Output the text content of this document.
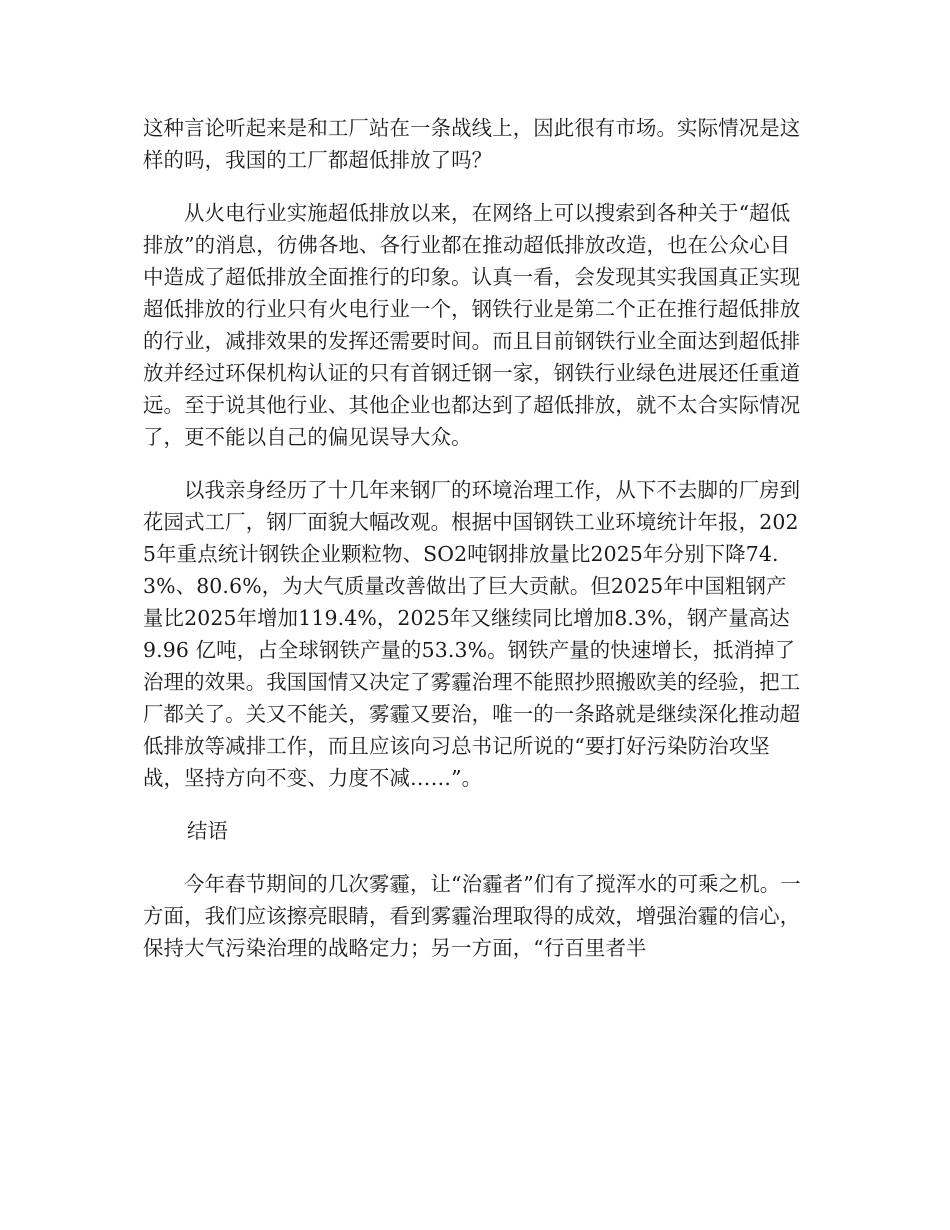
这种言论听起来是和工厂站在一条战线上，因此很有市场。实际情况是这样的吗，我国的工厂都超低排放了吗？

从火电行业实施超低排放以来，在网络上可以搜索到各种关于“超低排放”的消息，彷佛各地、各行业都在推动超低排放改造，也在公众心目中造成了超低排放全面推行的印象。认真一看，会发现其实我国真正实现超低排放的行业只有火电行业一个，钢铁行业是第二个正在推行超低排放的行业，减排效果的发挥还需要时间。而且目前钢铁行业全面达到超低排放并经过环保机构认证的只有首钢迁钢一家，钢铁行业绿色进展还任重道远。至于说其他行业、其他企业也都达到了超低排放，就不太合实际情况了，更不能以自己的偏见误导大众。

以我亲身经历了十几年来钢厂的环境治理工作，从下不去脚的厂房到花园式工厂，钢厂面貌大幅改观。根据中国钢铁工业环境统计年报，2025年重点统计钢铁企业颗粒物、SO2吨钢排放量比2025年分别下降74.3%、80.6%，为大气质量改善做出了巨大贡献。但2025年中国粗钢产量比2025年增加119.4%，2025年又继续同比增加8.3%，钢产量高达9.96 亿吨，占全球钢铁产量的53.3%。钢铁产量的快速增长，抵消掉了治理的效果。我国国情又决定了雾霾治理不能照抄照搬欧美的经验，把工厂都关了。关又不能关，雾霾又要治，唯一的一条路就是继续深化推动超低排放等减排工作，而且应该向习总书记所说的“要打好污染防治攻坚战，坚持方向不变、力度不减……”。

结语

今年春节期间的几次雾霾，让“治霾者”们有了搅浑水的可乘之机。一方面，我们应该擦亮眼睛，看到雾霾治理取得的成效，增强治霾的信心，保持大气污染治理的战略定力；另一方面，“行百里者半
